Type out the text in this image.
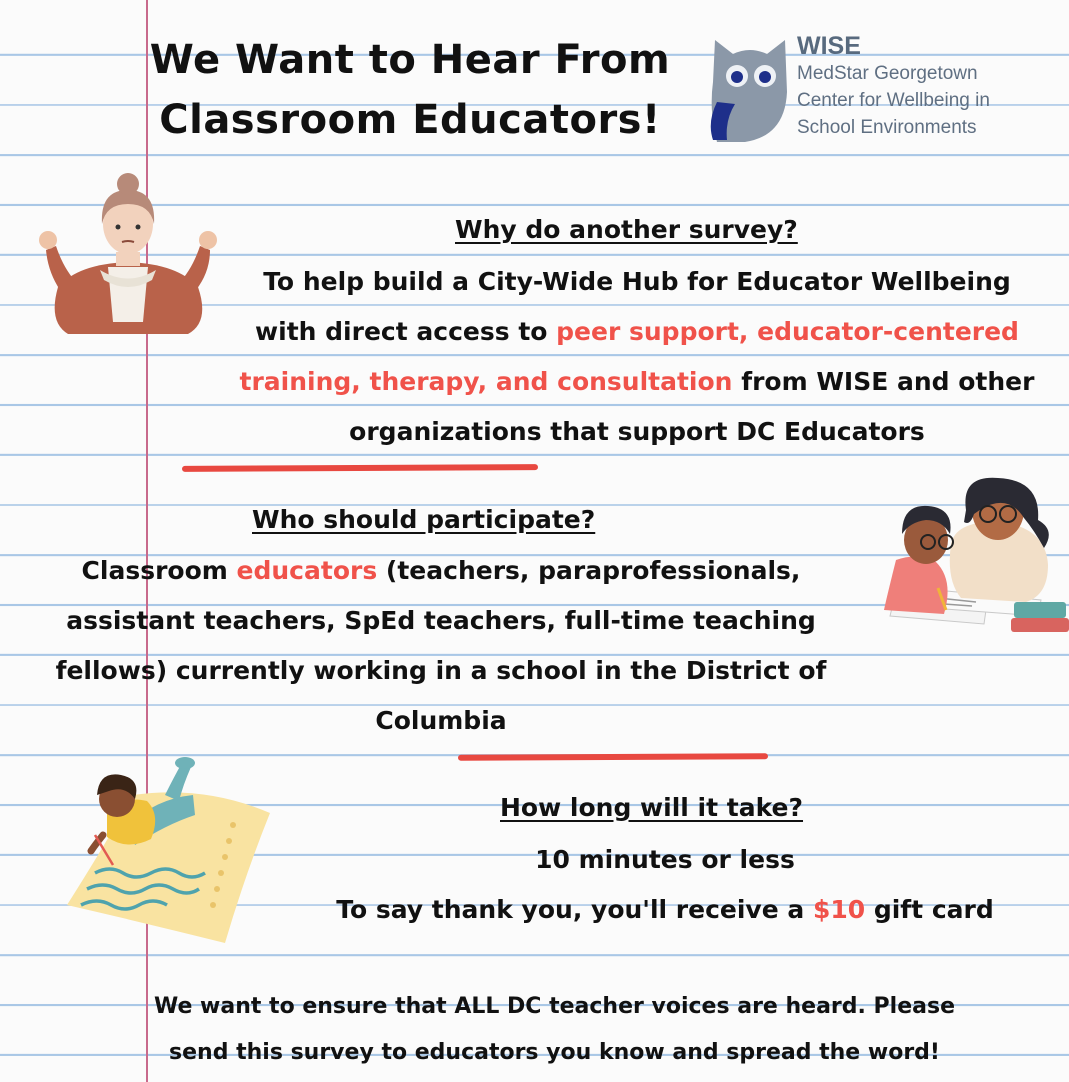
We Want to Hear From
Classroom Educators!
WISE
MedStar Georgetown
Center for Wellbeing in
School Environments
Why do another survey?
To help build a City-Wide Hub for Educator Wellbeing
with direct access to peer support, educator-centered
training, therapy, and consultation from WISE and other
organizations that support DC Educators
Who should participate?
Classroom educators (teachers, paraprofessionals,
assistant teachers, SpEd teachers, full-time teaching
fellows) currently working in a school in the District of
Columbia
How long will it take?
10 minutes or less
To say thank you, you'll receive a $10 gift card
We want to ensure that ALL DC teacher voices are heard. Please
send this survey to educators you know and spread the word!
